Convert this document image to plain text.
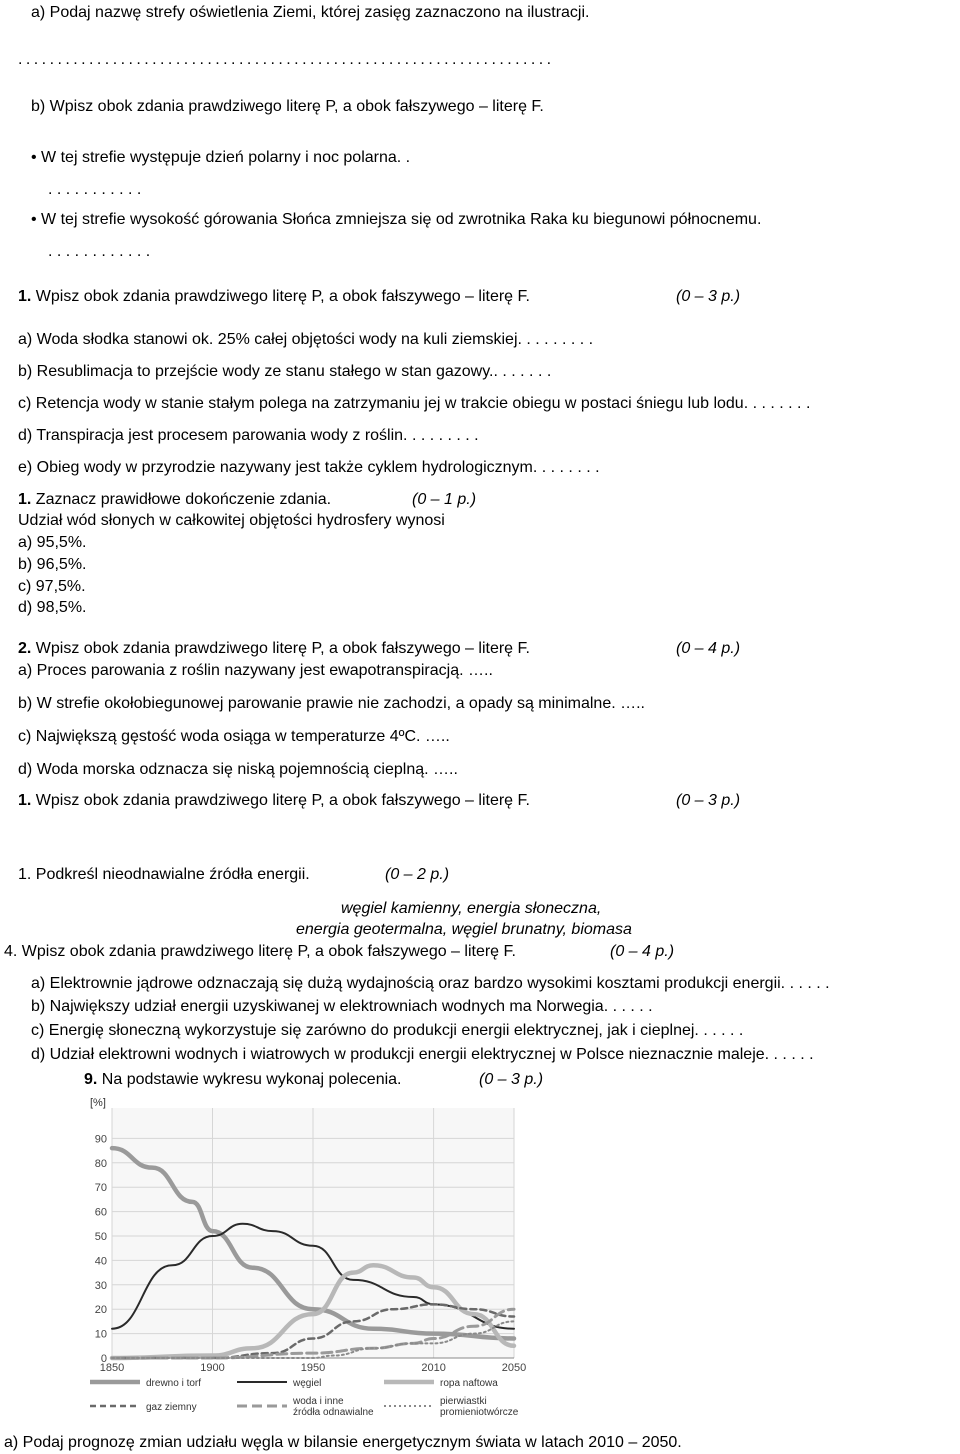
a) Podaj nazwę strefy oświetlenia Ziemi, której zasięg zaznaczono na ilustracji.
. . . . . . . . . . . . . . . . . . . . . . . . . . . . . . . . . . . . . . . . . . . . . . . . . . . . . . . . . . . . . . . . . . . .
b) Wpisz obok zdania prawdziwego literę P, a obok fałszywego – literę F.
• W tej strefie występuje dzień polarny i noc polarna. .
. . . . . . . . . . .
• W tej strefie wysokość górowania Słońca zmniejsza się od zwrotnika Raka ku biegunowi północnemu.
. . . . . . . . . . . .
1. Wpisz obok zdania prawdziwego literę P, a obok fałszywego – literę F.	(0 – 3 p.)
a) Woda słodka stanowi ok. 25% całej objętości wody na kuli ziemskiej. . . . . . . . .
b) Resublimacja to przejście wody ze stanu stałego w stan gazowy.. . . . . . .
c) Retencja wody w stanie stałym polega na zatrzymaniu jej w trakcie obiegu w postaci śniegu lub lodu. . . . . . . .
d) Transpiracja jest procesem parowania wody z roślin. . . . . . . . .
e) Obieg wody w przyrodzie nazywany jest także cyklem hydrologicznym. . . . . . . .
1. Zaznacz prawidłowe dokończenie zdania.	(0 – 1 p.)
Udział wód słonych w całkowitej objętości hydrosfery wynosi
a) 95,5%.
b) 96,5%.
c) 97,5%.
d) 98,5%.
2. Wpisz obok zdania prawdziwego literę P, a obok fałszywego – literę F.	(0 – 4 p.)
a) Proces parowania z roślin nazywany jest ewapotranspiracją. …..
b) W strefie okołobiegunowej parowanie prawie nie zachodzi, a opady są minimalne. …..
c) Największą gęstość woda osiąga w temperaturze 4ºC. …..
d) Woda morska odznacza się niską pojemnością cieplną. …..
1. Wpisz obok zdania prawdziwego literę P, a obok fałszywego – literę F.	(0 – 3 p.)
1. Podkreśl nieodnawialne źródła energii.	(0 – 2 p.)
węgiel kamienny, energia słoneczna,
energia geotermalna, węgiel brunatny, biomasa
4. Wpisz obok zdania prawdziwego literę P, a obok fałszywego – literę F.	(0 – 4 p.)
a) Elektrownie jądrowe odznaczają się dużą wydajnością oraz bardzo wysokimi kosztami produkcji energii. . . . . .
b) Największy udział energii uzyskiwanej w elektrowniach wodnych ma Norwegia. . . . . .
c) Energię słoneczną wykorzystuje się zarówno do produkcji energii elektrycznej, jak i cieplnej. . . . . .
d) Udział elektrowni wodnych i wiatrowych w produkcji energii elektrycznej w Polsce nieznacznie maleje. . . . . .
9. Na podstawie wykresu wykonaj polecenia.	(0 – 3 p.)
0
10
20
30
40
50
60
70
80
90
1850	1900	1950	2010	2050
drewno i torf	węgiel	ropa naftowa
gaz ziemny
woda i inne
źródła odnawialne
pierwiastki
promieniotwórcze
[%]
a) Podaj prognozę zmian udziału węgla w bilansie energetycznym świata w latach 2010 – 2050.
